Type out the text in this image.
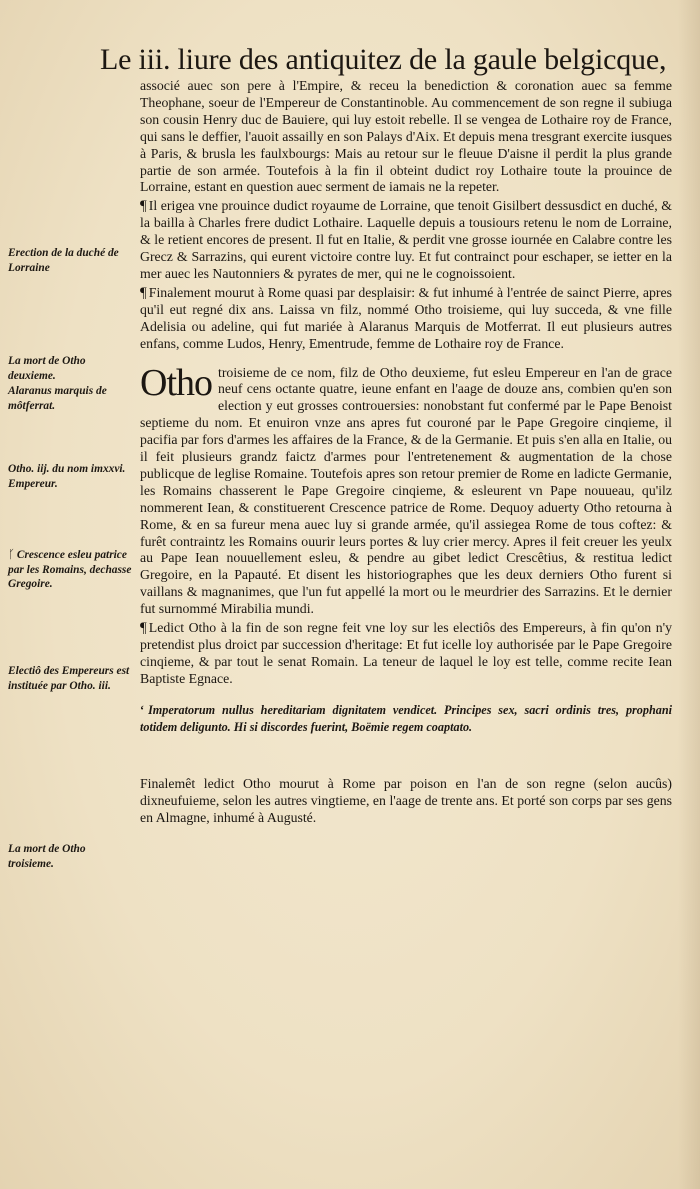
Le iii. liure des antiquitez de la gaule belgicque,

associé auec son pere à l'Empire, & receu la benediction & coronation auec sa femme Theophane, soeur de l'Empereur de Constantinoble. Au commencement de son regne il subiuga son cousin Henry duc de Bauiere, qui luy estoit rebelle. Il se vengea de Lothaire roy de France, qui sans le deffier, l'auoit assailly en son Palays d'Aix. Et depuis mena tresgrant exercite iusques à Paris, & brusla les faulxbourgs: Mais au retour sur le fleuue D'aisne il perdit la plus grande partie de son armée. Toutefois à la fin il obteint dudict roy Lothaire toute la prouince de Lorraine, estant en question auec serment de iamais ne la repeter.

¶ Il erigea vne prouince dudict royaume de Lorraine, que tenoit Gisilbert dessusdict en duché, & la bailla à Charles frere dudict Lothaire. Laquelle depuis a tousiours retenu le nom de Lorraine, & le retient encores de present. Il fut en Italie, & perdit vne grosse iournée en Calabre contre les Grecz & Sarrazins, qui eurent victoire contre luy. Et fut contrainct pour eschaper, se ietter en la mer auec les Nautonniers & pyrates de mer, qui ne le cognoissoient.

¶ Finalement mourut à Rome quasi par desplaisir: & fut inhumé à l'entrée de sainct Pierre, apres qu'il eut regné dix ans. Laissa vn filz, nommé Otho troisieme, qui luy succeda, & vne fille Adelisia ou adeline, qui fut mariée à Alaranus Marquis de Motferrat. Il eut plusieurs autres enfans, comme Ludos, Henry, Ementrude, femme de Lothaire roy de France.

Otho troisieme de ce nom, filz de Otho deuxieme, fut esleu Empereur en l'an de grace neuf cens octante quatre, ieune enfant en l'aage de douze ans, combien qu'en son election y eut grosses controuersies: nonobstant fut confermé par le Pape Benoist septieme du nom. Et enuiron vnze ans apres fut couroné par le Pape Gregoire cinqieme, il pacifia par fors d'armes les affaires de la France, & de la Germanie. Et puis s'en alla en Italie, ou il feit plusieurs grandz faictz d'armes pour l'entretenement & augmentation de la chose publicque de leglise Romaine. Toutefois apres son retour premier de Rome en ladicte Germanie, les Romains chasserent le Pape Gregoire cinqieme, & esleurent vn Pape nouueau, qu'ilz nommerent Iean, & constituerent Crescence patrice de Rome. Dequoy aduerty Otho retourna à Rome, & en sa fureur mena auec luy si grande armée, qu'il assiegea Rome de tous coftez: & furêt contraintz les Romains ouurir leurs portes & luy crier mercy. Apres il feit creuer les yeulx au Pape Iean nouuellement esleu, & pendre au gibet ledict Crescêtius, & restitua ledict Gregoire, en la Papauté. Et disent les historiographes que les deux derniers Otho furent si vaillans & magnanimes, que l'un fut appellé la mort ou le meurdrier des Sarrazins. Et le dernier fut surnommé Mirabilia mundi.

¶ Ledict Otho à la fin de son regne feit vne loy sur les electiôs des Empereurs, à fin qu'on n'y pretendist plus droict par succession d'heritage: Et fut icelle loy authorisée par le Pape Gregoire cinqieme, & par tout le senat Romain. La teneur de laquel le loy est telle, comme recite Iean Baptiste Egnace.

‘ Imperatorum nullus hereditariam dignitatem vendicet. Principes sex, sacri ordinis tres, prophani totidem deligunto. Hi si discordes fuerint, Boëmie regem coaptato.

Finalemêt ledict Otho mourut à Rome par poison en l'an de son regne (selon aucûs) dixneufuieme, selon les autres vingtieme, en l'aage de trente ans. Et porté son corps par ses gens en Almagne, inhumé à Augusté.

Erection de la duché de Lorraine
La mort de Otho deuxieme.
Alaranus marquis de môtferrat.
Otho. iij. du nom imxxvi. Empereur.
ᚴ Crescence esleu patrice par les Romains, dechasse Gregoire.
Electiô des Empereurs est instituée par Otho. iii.
La mort de Otho troisieme.
